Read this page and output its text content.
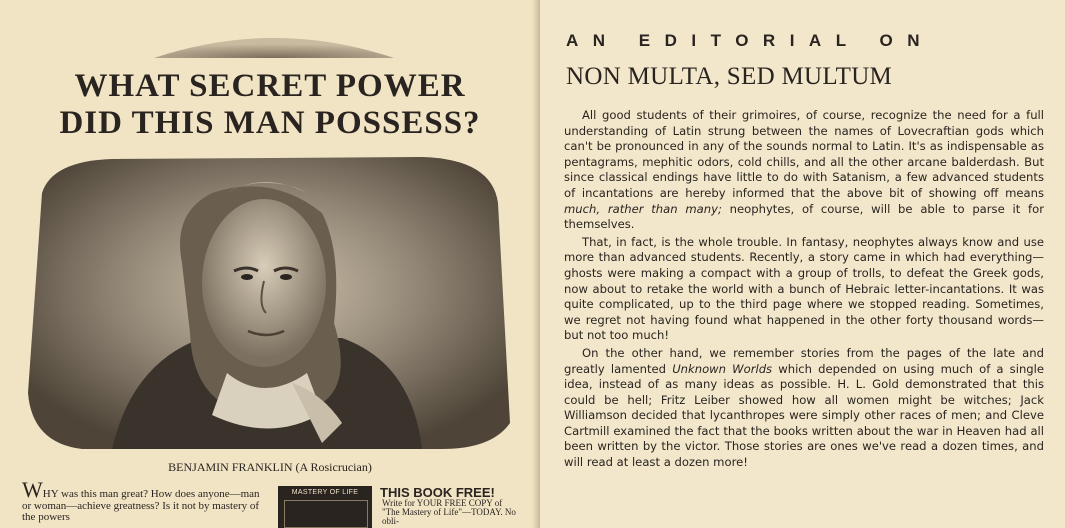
WHAT SECRET POWER
DID THIS MAN POSSESS?
BENJAMIN FRANKLIN (A Rosicrucian)
WHY was this man great? How does anyone—man or woman—achieve greatness? Is it not by mastery of the powers
MASTERY OF LIFE	THIS BOOK FREE!
Write for YOUR FREE COPY of "The Mastery of Life"—TODAY. No obli-
AN EDITORIAL ON
NON MULTA, SED MULTUM

All good students of their grimoires, of course, recognize the need for a full understanding of Latin strung between the names of Lovecraftian gods which can't be pronounced in any of the sounds normal to Latin. It's as indispensable as pentagrams, mephitic odors, cold chills, and all the other arcane balderdash. But since classical endings have little to do with Satanism, a few advanced students of incantations are hereby informed that the above bit of showing off means much, rather than many; neophytes, of course, will be able to parse it for themselves.

That, in fact, is the whole trouble. In fantasy, neophytes always know and use more than advanced students. Recently, a story came in which had everything—ghosts were making a compact with a group of trolls, to defeat the Greek gods, now about to retake the world with a bunch of Hebraic letter-incantations. It was quite complicated, up to the third page where we stopped reading. Sometimes, we regret not having found what happened in the other forty thousand words—but not too much!

On the other hand, we remember stories from the pages of the late and greatly lamented Unknown Worlds which depended on using much of a single idea, instead of as many ideas as possible. H. L. Gold demonstrated that this could be hell; Fritz Leiber showed how all women might be witches; Jack Williamson decided that lycanthropes were simply other races of men; and Cleve Cartmill examined the fact that the books written about the war in Heaven had all been written by the victor. Those stories are ones we've read a dozen times, and will read at least a dozen more!
